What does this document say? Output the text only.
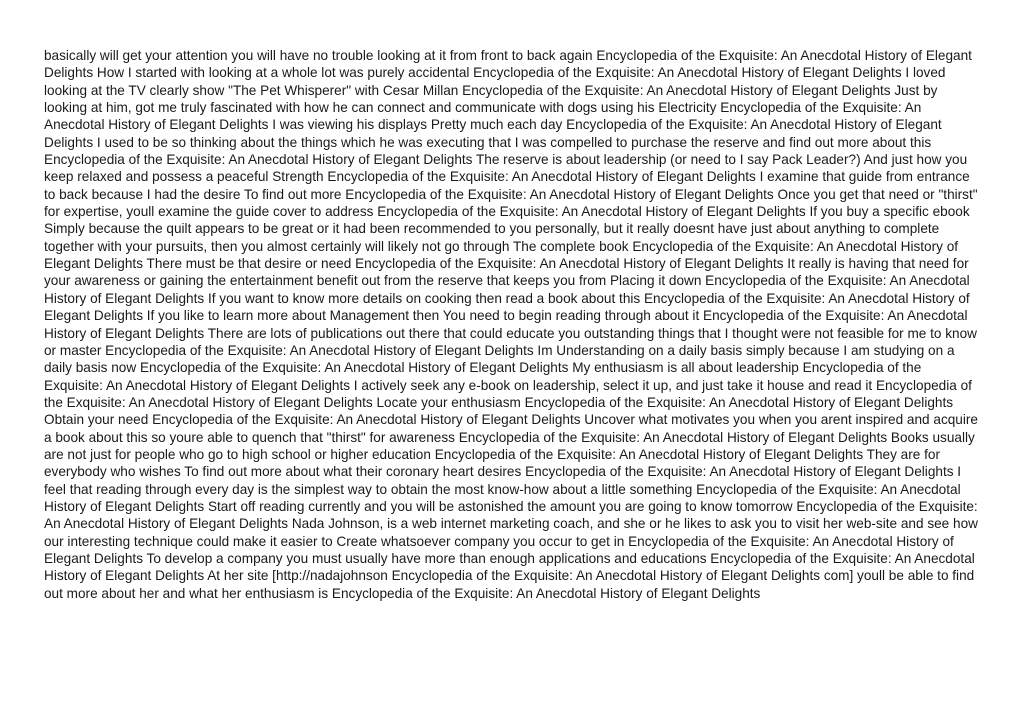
basically will get your attention you will have no trouble looking at it from front to back again Encyclopedia of the Exquisite: An Anecdotal History of Elegant Delights How I started with looking at a whole lot was purely accidental Encyclopedia of the Exquisite: An Anecdotal History of Elegant Delights I loved looking at the TV clearly show "The Pet Whisperer" with Cesar Millan Encyclopedia of the Exquisite: An Anecdotal History of Elegant Delights Just by looking at him, got me truly fascinated with how he can connect and communicate with dogs using his Electricity Encyclopedia of the Exquisite: An Anecdotal History of Elegant Delights I was viewing his displays Pretty much each day Encyclopedia of the Exquisite: An Anecdotal History of Elegant Delights I used to be so thinking about the things which he was executing that I was compelled to purchase the reserve and find out more about this Encyclopedia of the Exquisite: An Anecdotal History of Elegant Delights The reserve is about leadership (or need to I say Pack Leader?) And just how you keep relaxed and possess a peaceful Strength Encyclopedia of the Exquisite: An Anecdotal History of Elegant Delights I examine that guide from entrance to back because I had the desire To find out more Encyclopedia of the Exquisite: An Anecdotal History of Elegant Delights Once you get that need or "thirst" for expertise, youll examine the guide cover to address Encyclopedia of the Exquisite: An Anecdotal History of Elegant Delights If you buy a specific ebook Simply because the quilt appears to be great or it had been recommended to you personally, but it really doesnt have just about anything to complete together with your pursuits, then you almost certainly will likely not go through The complete book Encyclopedia of the Exquisite: An Anecdotal History of Elegant Delights There must be that desire or need Encyclopedia of the Exquisite: An Anecdotal History of Elegant Delights It really is having that need for your awareness or gaining the entertainment benefit out from the reserve that keeps you from Placing it down Encyclopedia of the Exquisite: An Anecdotal History of Elegant Delights If you want to know more details on cooking then read a book about this Encyclopedia of the Exquisite: An Anecdotal History of Elegant Delights If you like to learn more about Management then You need to begin reading through about it Encyclopedia of the Exquisite: An Anecdotal History of Elegant Delights There are lots of publications out there that could educate you outstanding things that I thought were not feasible for me to know or master Encyclopedia of the Exquisite: An Anecdotal History of Elegant Delights Im Understanding on a daily basis simply because I am studying on a daily basis now Encyclopedia of the Exquisite: An Anecdotal History of Elegant Delights My enthusiasm is all about leadership Encyclopedia of the Exquisite: An Anecdotal History of Elegant Delights I actively seek any e-book on leadership, select it up, and just take it house and read it Encyclopedia of the Exquisite: An Anecdotal History of Elegant Delights Locate your enthusiasm Encyclopedia of the Exquisite: An Anecdotal History of Elegant Delights Obtain your need Encyclopedia of the Exquisite: An Anecdotal History of Elegant Delights Uncover what motivates you when you arent inspired and acquire a book about this so youre able to quench that "thirst" for awareness Encyclopedia of the Exquisite: An Anecdotal History of Elegant Delights Books usually are not just for people who go to high school or higher education Encyclopedia of the Exquisite: An Anecdotal History of Elegant Delights They are for everybody who wishes To find out more about what their coronary heart desires Encyclopedia of the Exquisite: An Anecdotal History of Elegant Delights I feel that reading through every day is the simplest way to obtain the most know-how about a little something Encyclopedia of the Exquisite: An Anecdotal History of Elegant Delights Start off reading currently and you will be astonished the amount you are going to know tomorrow Encyclopedia of the Exquisite: An Anecdotal History of Elegant Delights Nada Johnson, is a web internet marketing coach, and she or he likes to ask you to visit her web-site and see how our interesting technique could make it easier to Create whatsoever company you occur to get in Encyclopedia of the Exquisite: An Anecdotal History of Elegant Delights To develop a company you must usually have more than enough applications and educations Encyclopedia of the Exquisite: An Anecdotal History of Elegant Delights At her site [http://nadajohnson Encyclopedia of the Exquisite: An Anecdotal History of Elegant Delights com] youll be able to find out more about her and what her enthusiasm is Encyclopedia of the Exquisite: An Anecdotal History of Elegant Delights
